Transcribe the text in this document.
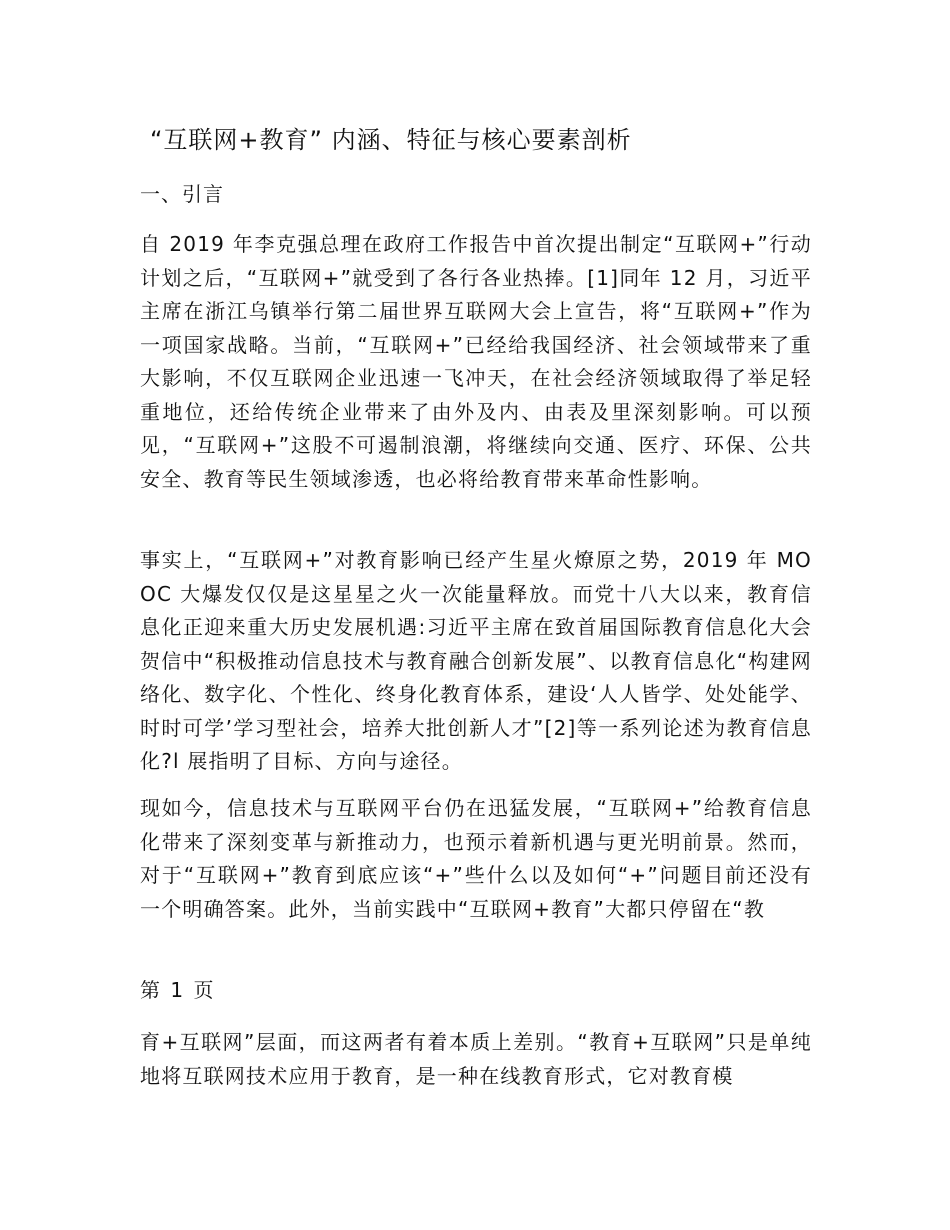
“互联网+教育” 内涵、特征与核心要素剖析
一、引言
自 2019 年李克强总理在政府工作报告中首次提出制定“互联网+”行动计划之后，“互联网+”就受到了各行各业热捧。[1]同年 12 月，习近平主席在浙江乌镇举行第二届世界互联网大会上宣告，将“互联网+”作为一项国家战略。当前，“互联网+”已经给我国经济、社会领域带来了重大影响，不仅互联网企业迅速一飞冲天，在社会经济领域取得了举足轻重地位，还给传统企业带来了由外及内、由表及里深刻影响。可以预见，“互联网+”这股不可遏制浪潮，将继续向交通、医疗、环保、公共安全、教育等民生领域渗透，也必将给教育带来革命性影响。
事实上，“互联网+”对教育影响已经产生星火燎原之势，2019 年 MOOC 大爆发仅仅是这星星之火一次能量释放。而党十八大以来，教育信息化正迎来重大历史发展机遇:习近平主席在致首届国际教育信息化大会贺信中“积极推动信息技术与教育融合创新发展”、以教育信息化“构建网络化、数字化、个性化、终身化教育体系，建设‘人人皆学、处处能学、时时可学’学习型社会，培养大批创新人才”[2]等一系列论述为教育信息化?l 展指明了目标、方向与途径。
现如今，信息技术与互联网平台仍在迅猛发展，“互联网+”给教育信息化带来了深刻变革与新推动力，也预示着新机遇与更光明前景。然而，对于“互联网+”教育到底应该“+”些什么以及如何“+”问题目前还没有一个明确答案。此外，当前实践中“互联网+教育”大都只停留在“教
第 1 页
育+互联网”层面，而这两者有着本质上差别。“教育+互联网”只是单纯地将互联网技术应用于教育，是一种在线教育形式，它对教育模
